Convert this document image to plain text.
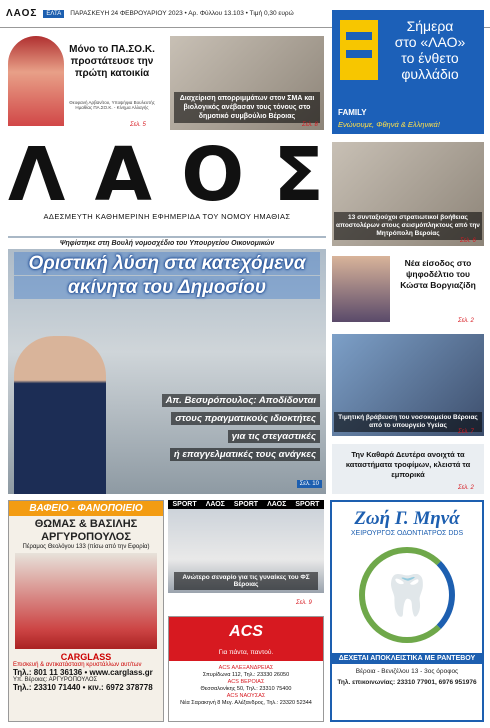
ΛΑΟΣ	ΕΛΤΑ	ΠΑΡΑΣΚΕΥΗ 24 ΦΕΒΡΟΥΑΡΙΟΥ 2023 • Αρ. Φύλλου 13.103 • Τιμή 0,30 ευρώ
Μόνο το ΠΑ.ΣΟ.Κ. προστάτευσε την πρώτη κατοικία
Θεοφανή Αρβανίτου, Υποψήφια Βουλευτής Ημαθίας ΠΑ.ΣΟ.Κ. - Κίνημα Αλλαγής
Σελ. 5
Διαχείριση απορριμμάτων στον ΣΜΑ και βιολογικός ανέβασαν τους τόνους στο δημοτικό συμβούλιο Βέροιας
Σελ. 8
Σήμερα
στο «ΛΑΟ»
το ένθετο
φυλλάδιο
FAMILY
Ενώνουμε, Φθηνά & Ελληνικά!
Λ Α Ο Σ
ΑΔΕΣΜΕΥΤΗ ΚΑΘΗΜΕΡΙΝΗ ΕΦΗΜΕΡΙΔΑ ΤΟΥ ΝΟΜΟΥ ΗΜΑΘΙΑΣ	13 συνταξιούχοι στρατιωτικοί βοήθειας αποστολέρων στους σεισμόπληκτους από την Μητρόπολη Βεροίας
Σελ. 6
Νέα είσοδος στο ψηφοδέλτιο του Κώστα Βοργιαζίδη
Σελ. 2
Τιμητική βράβευση του νοσοκομείου Βέροιας από το υπουργείο Υγείας
Σελ. 7
Την Καθαρά Δευτέρα ανοιχτά τα καταστήματα τροφίμων, κλειστά τα εμπορικά
Σελ. 2
Ψηφίστηκε στη Βουλή νομοσχέδιο του Υπουργείου Οικονομικών
Οριστική λύση στα κατεχόμενα
ακίνητα του Δημοσίου
Απ. Βεσυρόπουλος: Αποδίδονται
στους πραγματικούς ιδιοκτήτες
για τις στεγαστικές
ή επαγγελματικές τους ανάγκες
Σελ. 10
ΒΑΦΕΙΟ - ΦΑΝΟΠΟΙΕΙΟ
ΘΩΜΑΣ & ΒΑΣΙΛΗΣ
ΑΡΓΥΡΟΠΟΥΛΟΣ
Πέραμος Θεολόγου 133 (πίσω από την Εφορία)
CARGLASS
Επισκευή & αντικατάσταση κρυστάλλων αυτ/των
Τηλ.: 801 11 36136 • www.carglass.gr
Υπ. Βέροιας: ΑΡΓΥΡΟΠΟΥΛΟΣ
Τηλ.: 23310 71440 • κιν.: 6972 378778
SPORT ΛΑΟΣ SPORT ΛΑΟΣ SPORT
Ανώτερο σεναρίο για τις γυναίκες του ΦΣ Βέροιας
Σελ. 9
ACS
Για πάντα, παντού.
ACS ΑΛΕΞΑΝΔΡΕΙΑΣ
Σπυρίδωνα 112, Τηλ.: 23330 26050
ACS ΒΕΡΟΙΑΣ
Θεσσαλονίκης 50, Τηλ.: 23310 75400
ACS ΝΑΟΥΣΑΣ
Νέα Σαρακηνή 8 Μεγ. Αλέξανδρος, Τηλ.: 23320 52344
Ζωή Γ. Μηνά
ΧΕΙΡΟΥΡΓΟΣ ΟΔΟΝΤΙΑΤΡΟΣ DDS
🦷
ΔΕΧΕΤΑΙ ΑΠΟΚΛΕΙΣΤΙΚΑ ΜΕ ΡΑΝΤΕΒΟΥ
Βέροια - Βενιζέλου 13 - 3ος όροφος
Τηλ. επικοινωνίας: 23310 77901, 6976 951976
